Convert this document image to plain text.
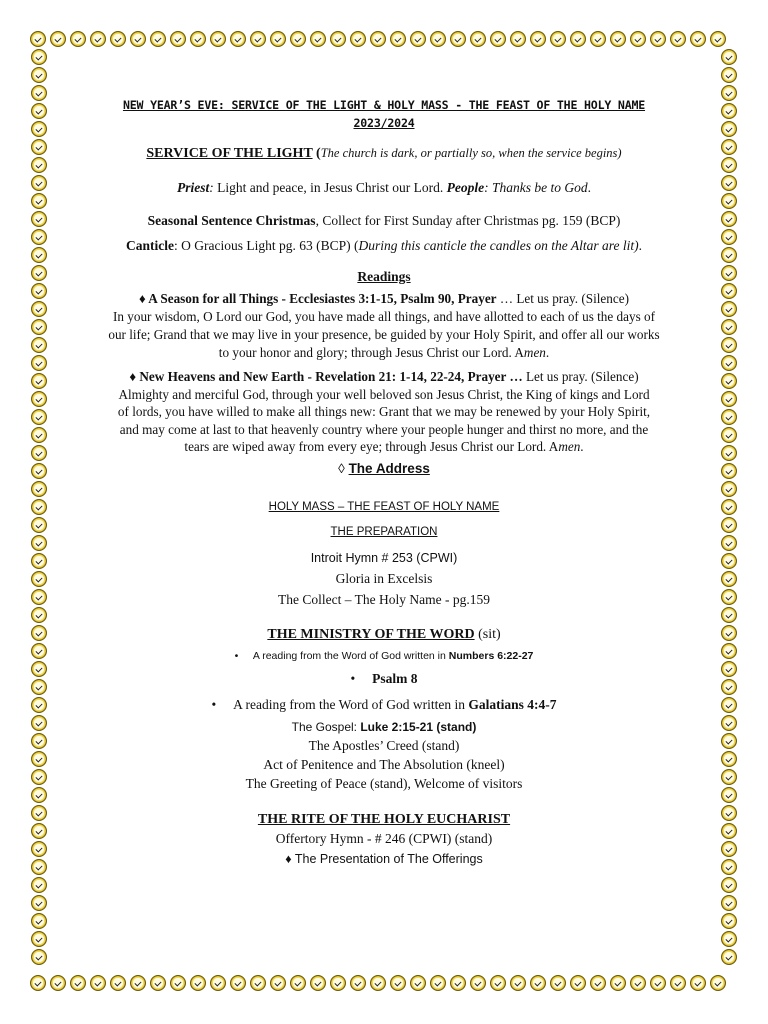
NEW YEAR’S EVE: SERVICE OF THE LIGHT & HOLY MASS - THE FEAST OF THE HOLY NAME
2023/2024

SERVICE OF THE LIGHT (The church is dark, or partially so, when the service begins)

Priest: Light and peace, in Jesus Christ our Lord. People: Thanks be to God.

Seasonal Sentence Christmas, Collect for First Sunday after Christmas pg. 159 (BCP)

Canticle: O Gracious Light pg. 63 (BCP) (During this canticle the candles on the Altar are lit).

Readings

♦ A Season for all Things - Ecclesiastes 3:1-15, Psalm 90, Prayer … Let us pray. (Silence)
In your wisdom, O Lord our God, you have made all things, and have allotted to each of us the days of
our life; Grand that we may live in your presence, be guided by your Holy Spirit, and offer all our works
to your honor and glory; through Jesus Christ our Lord. Amen.
♦ New Heavens and New Earth - Revelation 21: 1-14, 22-24, Prayer … Let us pray. (Silence)
Almighty and merciful God, through your well beloved son Jesus Christ, the King of kings and Lord
of lords, you have willed to make all things new: Grant that we may be renewed by your Holy Spirit,
and may come at last to that heavenly country where your people hunger and thirst no more, and the
tears are wiped away from every eye; through Jesus Christ our Lord. Amen.

◊ The Address

HOLY MASS – THE FEAST OF HOLY NAME

THE PREPARATION

Introit Hymn # 253 (CPWI)

Gloria in Excelsis

The Collect – The Holy Name - pg.159

THE MINISTRY OF THE WORD (sit)

• A reading from the Word of God written in Numbers 6:22-27

• Psalm 8

• A reading from the Word of God written in Galatians 4:4-7

The Gospel: Luke 2:15-21 (stand)

The Apostles’ Creed (stand)

Act of Penitence and The Absolution (kneel)

The Greeting of Peace (stand), Welcome of visitors

THE RITE OF THE HOLY EUCHARIST

Offertory Hymn - # 246 (CPWI) (stand)

♦ The Presentation of The Offerings
